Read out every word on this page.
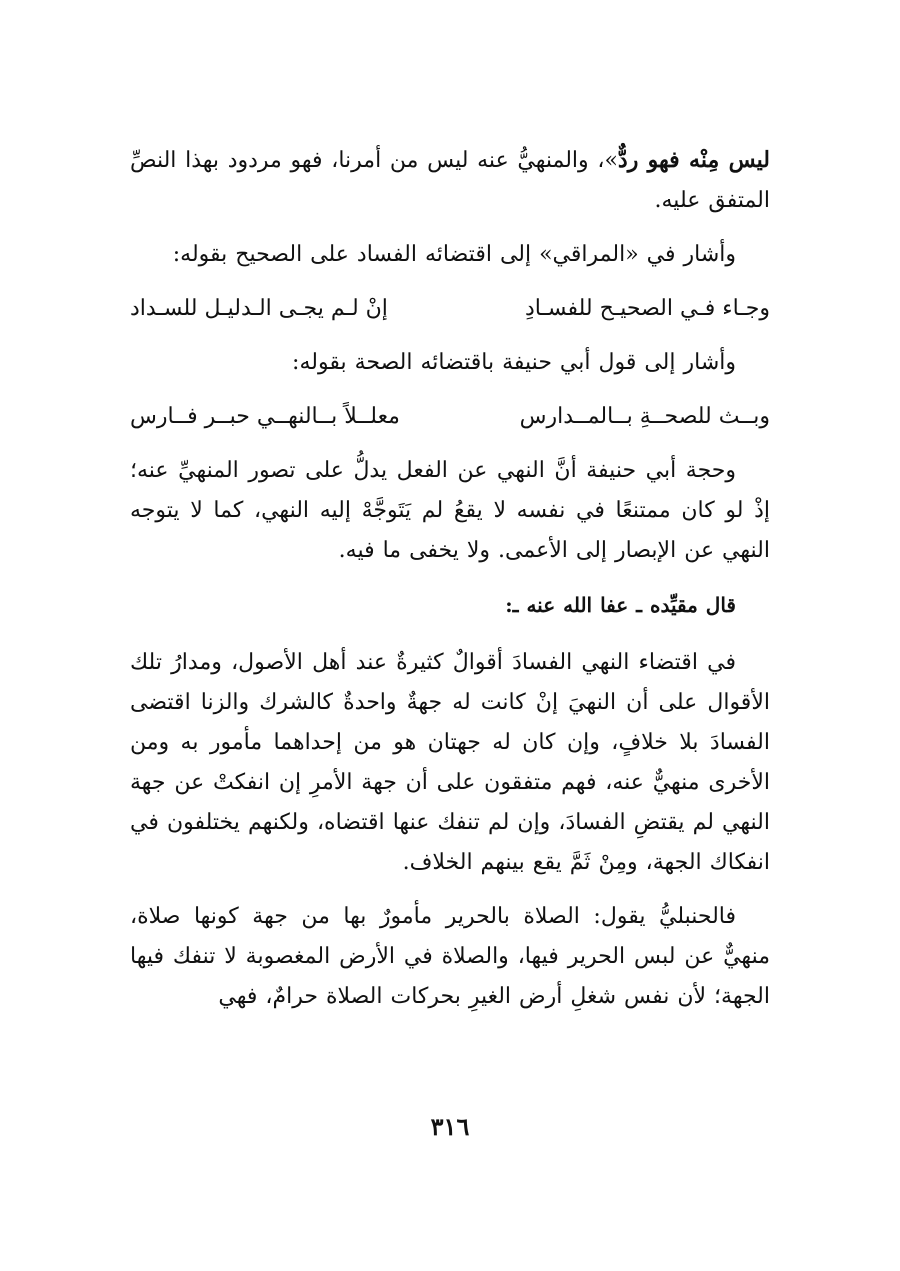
ليس مِنْه فهو ردٌّ»، والمنهيُّ عنه ليس من أمرنا، فهو مردود بهذا النصِّ المتفق عليه.

وأشار في «المراقي» إلى اقتضائه الفساد على الصحيح بقوله:

وجـاء فـي الصحيـح للفسـادِ
إنْ لـم يجـى الـدليـل للسـداد

وأشار إلى قول أبي حنيفة باقتضائه الصحة بقوله:

وبــث للصحــةِ بــالمــدارس
معلــلاً بــالنهــي حبــر فــارس

وحجة أبي حنيفة أنَّ النهي عن الفعل يدلُّ على تصور المنهيِّ عنه؛ إذْ لو كان ممتنعًا في نفسه لا يقعُ لم يَتَوجَّهْ إليه النهي، كما لا يتوجه النهي عن الإبصار إلى الأعمى. ولا يخفى ما فيه.

قال مقيِّده ـ عفا الله عنه ـ:

في اقتضاء النهي الفسادَ أقوالٌ كثيرةٌ عند أهل الأصول، ومدارُ تلك الأقوال على أن النهيَ إنْ كانت له جهةٌ واحدةٌ كالشرك والزنا اقتضى الفسادَ بلا خلافٍ، وإن كان له جهتان هو من إحداهما مأمور به ومن الأخرى منهيٌّ عنه، فهم متفقون على أن جهة الأمرِ إن انفكتْ عن جهة النهي لم يقتضِ الفسادَ، وإن لم تنفك عنها اقتضاه، ولكنهم يختلفون في انفكاك الجهة، ومِنْ ثَمَّ يقع بينهم الخلاف.

فالحنبليُّ يقول: الصلاة بالحرير مأمورٌ بها من جهة كونها صلاة، منهيٌّ عن لبس الحرير فيها، والصلاة في الأرض المغصوبة لا تنفك فيها الجهة؛ لأن نفس شغلِ أرض الغيرِ بحركات الصلاة حرامٌ، فهي

٣١٦
